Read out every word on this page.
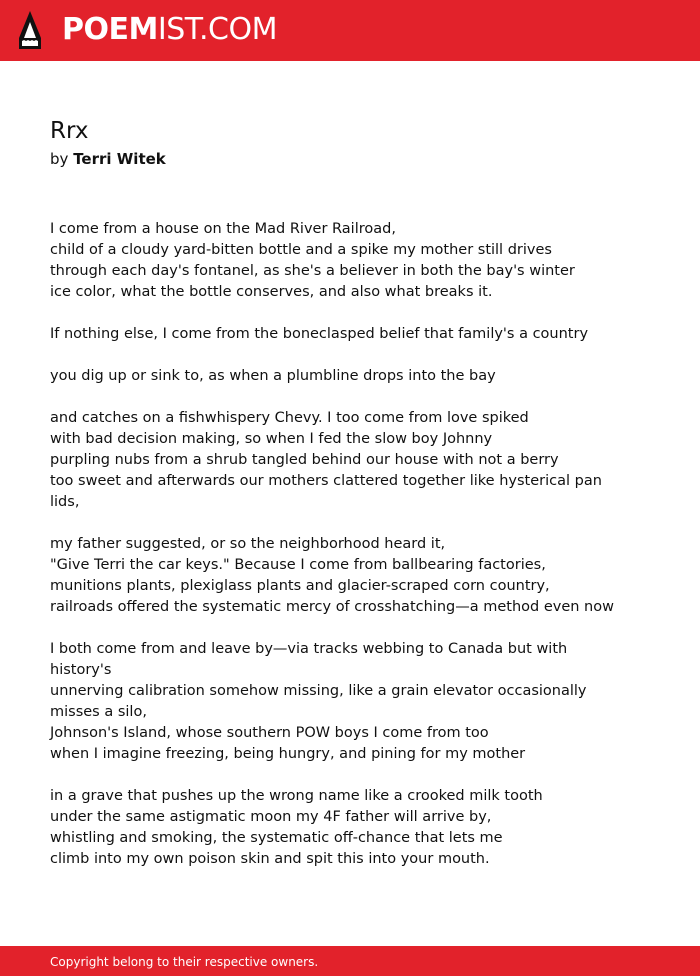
POEMIST.COM
Rrx
by Terri Witek
I come from a house on the Mad River Railroad,
child of a cloudy yard-bitten bottle and a spike my mother still drives
through each day's fontanel, as she's a believer in both the bay's winter
ice color, what the bottle conserves, and also what breaks it.
If nothing else, I come from the boneclasped belief that family's a country
you dig up or sink to, as when a plumbline drops into the bay
and catches on a fishwhispery Chevy. I too come from love spiked
with bad decision making, so when I fed the slow boy Johnny
purpling nubs from a shrub tangled behind our house with not a berry
too sweet and afterwards our mothers clattered together like hysterical pan
lids,
my father suggested, or so the neighborhood heard it,
"Give Terri the car keys." Because I come from ballbearing factories,
munitions plants, plexiglass plants and glacier-scraped corn country,
railroads offered the systematic mercy of crosshatching—a method even now
I both come from and leave by—via tracks webbing to Canada but with
history's
unnerving calibration somehow missing, like a grain elevator occasionally
misses a silo,
Johnson's Island, whose southern POW boys I come from too
when I imagine freezing, being hungry, and pining for my mother
in a grave that pushes up the wrong name like a crooked milk tooth
under the same astigmatic moon my 4F father will arrive by,
whistling and smoking, the systematic off-chance that lets me
climb into my own poison skin and spit this into your mouth.
Copyright belong to their respective owners.
